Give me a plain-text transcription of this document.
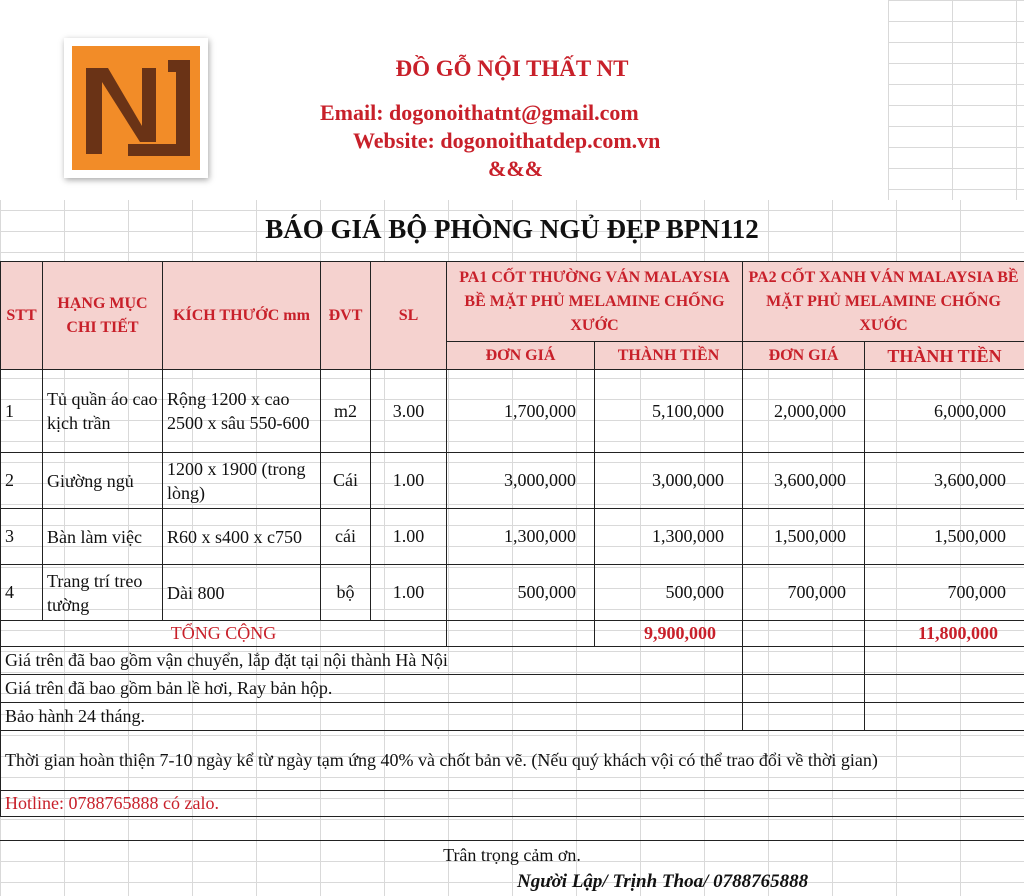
ĐỒ GỖ NỘI THẤT NT
Email: dogonoithatnt@gmail.com
Website: dogonoithatdep.com.vn
&&&
BÁO GIÁ BỘ PHÒNG NGỦ ĐẸP BPN112
STT	HẠNG MỤC CHI TIẾT	KÍCH THƯỚC mm	ĐVT	SL	PA1 CỐT THƯỜNG VÁN MALAYSIA BỀ MẶT PHỦ MELAMINE CHỐNG XƯỚC		PA2 CỐT XANH VÁN MALAYSIA BỀ MẶT PHỦ MELAMINE CHỐNG XƯỚC	
					ĐƠN GIÁ	THÀNH TIỀN	ĐƠN GIÁ	THÀNH TIỀN
1	Tủ quần áo cao kịch trần	Rộng 1200 x cao 2500 x sâu 550-600	m2	3.00	1,700,000	5,100,000	2,000,000	6,000,000
2	Giường ngủ	1200 x 1900 (trong lòng)	Cái	1.00	3,000,000	3,000,000	3,600,000	3,600,000
3	Bàn làm việc	R60 x s400 x c750	cái	1.00	1,300,000	1,300,000	1,500,000	1,500,000
4	Trang trí treo tường	Dài 800	bộ	1.00	500,000	500,000	700,000	700,000
TỔNG CỘNG						9,900,000		11,800,000
Giá trên đã bao gồm vận chuyển, lắp đặt tại nội thành Hà Nội								
Giá trên đã bao gồm bản lề hơi, Ray bản hộp.								
Bảo hành 24 tháng.								
Thời gian hoàn thiện 7-10 ngày kể từ ngày tạm ứng 40% và chốt bản vẽ. (Nếu quý khách vội có thể trao đổi về thời gian)								
Hotline: 0788765888 có zalo.								
Trân trọng cảm ơn.
Người Lập/ Trịnh Thoa/ 0788765888
